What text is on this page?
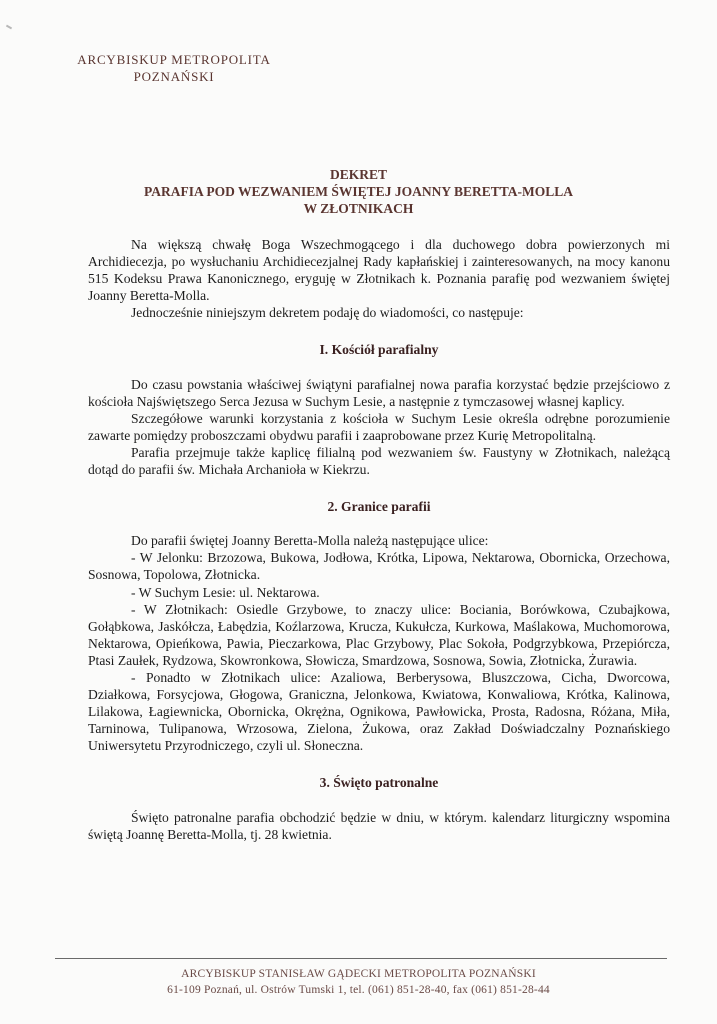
ARCYBISKUP METROPOLITA
POZNAŃSKI
DEKRET
PARAFIA POD WEZWANIEM ŚWIĘTEJ JOANNY BERETTA-MOLLA
W ZŁOTNIKACH

Na większą chwałę Boga Wszechmogącego i dla duchowego dobra powierzonych mi Archidiecezja, po wysłuchaniu Archidiecezjalnej Rady kapłańskiej i zainteresowanych, na mocy kanonu 515 Kodeksu Prawa Kanonicznego, eryguję w Złotnikach k. Poznania parafię pod wezwaniem świętej Joanny Beretta-Molla.

Jednocześnie niniejszym dekretem podaję do wiadomości, co następuje:

I. Kościół parafialny

Do czasu powstania właściwej świątyni parafialnej nowa parafia korzystać będzie przejściowo z kościoła Najświętszego Serca Jezusa w Suchym Lesie, a następnie z tymczasowej własnej kaplicy.

Szczegółowe warunki korzystania z kościoła w Suchym Lesie określa odrębne porozumienie zawarte pomiędzy proboszczami obydwu parafii i zaaprobowane przez Kurię Metropolitalną.

Parafia przejmuje także kaplicę filialną pod wezwaniem św. Faustyny w Złotnikach, należącą dotąd do parafii św. Michała Archanioła w Kiekrzu.

2. Granice parafii

Do parafii świętej Joanny Beretta-Molla należą następujące ulice:

- W Jelonku: Brzozowa, Bukowa, Jodłowa, Krótka, Lipowa, Nektarowa, Obornicka, Orzechowa, Sosnowa, Topolowa, Złotnicka.

- W Suchym Lesie: ul. Nektarowa.

- W Złotnikach: Osiedle Grzybowe, to znaczy ulice: Bociania, Borówkowa, Czubajkowa, Gołąbkowa, Jaskółcza, Łabędzia, Koźlarzowa, Krucza, Kukułcza, Kurkowa, Maślakowa, Muchomorowa, Nektarowa, Opieńkowa, Pawia, Pieczarkowa, Plac Grzybowy, Plac Sokoła, Podgrzybkowa, Przepiórcza, Ptasi Zaułek, Rydzowa, Skowronkowa, Słowicza, Smardzowa, Sosnowa, Sowia, Złotnicka, Żurawia.

- Ponadto w Złotnikach ulice: Azaliowa, Berberysowa, Bluszczowa, Cicha, Dworcowa, Działkowa, Forsycjowa, Głogowa, Graniczna, Jelonkowa, Kwiatowa, Konwaliowa, Krótka, Kalinowa, Lilakowa, Łagiewnicka, Obornicka, Okrężna, Ognikowa, Pawłowicka, Prosta, Radosna, Różana, Miła, Tarninowa, Tulipanowa, Wrzosowa, Zielona, Żukowa, oraz Zakład Doświadczalny Poznańskiego Uniwersytetu Przyrodniczego, czyli ul. Słoneczna.

3. Święto patronalne

Święto patronalne parafia obchodzić będzie w dniu, w którym. kalendarz liturgiczny wspomina świętą Joannę Beretta-Molla, tj. 28 kwietnia.

ARCYBISKUP STANISŁAW GĄDECKI METROPOLITA POZNAŃSKI
61-109 Poznań, ul. Ostrów Tumski 1, tel. (061) 851-28-40, fax (061) 851-28-44
